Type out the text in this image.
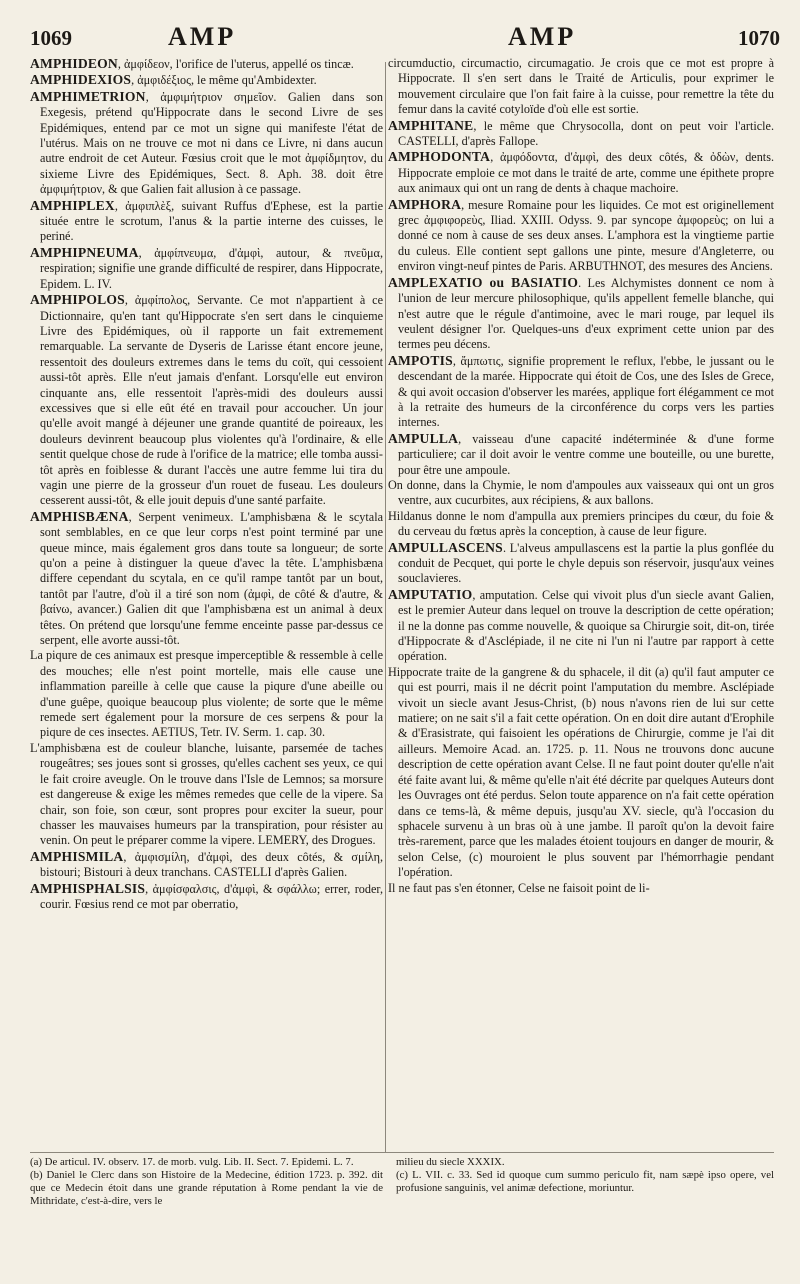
1069	AMP	AMP	1070
AMPHIDEON, ἀμφίδεον, l'orifice de l'uterus, appellé os tincæ.
AMPHIDEXIOS, ἀμφιδέξιος, le même qu'Ambidexter.
AMPHIMETRION, ἀμφιμήτριον σημεῖον. Galien dans son Exegesis, prétend qu'Hippocrate dans le second Livre de ses Epidémiques, entend par ce mot un signe qui manifeste l'état de l'utérus. Mais on ne trouve ce mot ni dans ce Livre, ni dans aucun autre endroit de cet Auteur. Fœsius croit que le mot ἀμφίδμητον, du sixieme Livre des Epidémiques, Sect. 8. Aph. 38. doit être ἀμφιμήτριον, & que Galien fait allusion à ce passage.
AMPHIPLEX, ἀμφιπλὲξ, suivant Ruffus d'Ephese, est la partie située entre le scrotum, l'anus & la partie interne des cuisses, le periné.
AMPHIPNEUMA, ἀμφίπνευμα, d'ἀμφὶ, autour, & πνεῦμα, respiration; signifie une grande difficulté de respirer, dans Hippocrate, Epidem. L. IV.
AMPHIPOLOS, ἀμφίπολος, Servante. Ce mot n'appartient à ce Dictionnaire, qu'en tant qu'Hippocrate s'en sert dans le cinquieme Livre des Epidémiques, où il rapporte un fait extremement remarquable. La servante de Dyseris de Larisse étant encore jeune, ressentoit des douleurs extremes dans le tems du coït, qui cessoient aussi-tôt après. Elle n'eut jamais d'enfant. Lorsqu'elle eut environ cinquante ans, elle ressentoit l'après-midi des douleurs aussi excessives que si elle eût été en travail pour accoucher. Un jour qu'elle avoit mangé à déjeuner une grande quantité de poireaux, les douleurs devinrent beaucoup plus violentes qu'à l'ordinaire, & elle sentit quelque chose de rude à l'orifice de la matrice; elle tomba aussi-tôt après en foiblesse & durant l'accès une autre femme lui tira du vagin une pierre de la grosseur d'un rouet de fuseau. Les douleurs cesserent aussi-tôt, & elle jouit depuis d'une santé parfaite.
AMPHISBÆNA, Serpent venimeux. L'amphisbæna & le scytala sont semblables, en ce que leur corps n'est point terminé par une queue mince, mais également gros dans toute sa longueur; de sorte qu'on a peine à distinguer la queue d'avec la tête. L'amphisbæna differe cependant du scytala, en ce qu'il rampe tantôt par un bout, tantôt par l'autre, d'où il a tiré son nom (ἀμφὶ, de côté & d'autre, & βαίνω, avancer.) Galien dit que l'amphisbæna est un animal à deux têtes. On prétend que lorsqu'une femme enceinte passe par-dessus ce serpent, elle avorte aussi-tôt.
La piqure de ces animaux est presque imperceptible & ressemble à celle des mouches; elle n'est point mortelle, mais elle cause une inflammation pareille à celle que cause la piqure d'une abeille ou d'une guêpe, quoique beaucoup plus violente; de sorte que le même remede sert également pour la morsure de ces serpens & pour la piqure de ces insectes. AETIUS, Tetr. IV. Serm. 1. cap. 30.
L'amphisbæna est de couleur blanche, luisante, parsemée de taches rougeâtres; ses joues sont si grosses, qu'elles cachent ses yeux, ce qui le fait croire aveugle. On le trouve dans l'Isle de Lemnos; sa morsure est dangereuse & exige les mêmes remedes que celle de la vipere. Sa chair, son foie, son cœur, sont propres pour exciter la sueur, pour chasser les mauvaises humeurs par la transpiration, pour résister au venin. On peut le préparer comme la vipere. LEMERY, des Drogues.
AMPHISMILA, ἀμφισμίλη, d'ἀμφὶ, des deux côtés, & σμίλη, bistouri; Bistouri à deux tranchans. CASTELLI d'après Galien.
AMPHISPHALSIS, ἀμφίσφαλσις, d'ἀμφὶ, & σφάλλω; errer, roder, courir. Fœsius rend ce mot par oberratio,
circumductio, circumactio, circumagatio. Je crois que ce mot est propre à Hippocrate. Il s'en sert dans le Traité de Articulis, pour exprimer le mouvement circulaire que l'on fait faire à la cuisse, pour remettre la tête du femur dans la cavité cotyloïde d'où elle est sortie.
AMPHITANE, le même que Chrysocolla, dont on peut voir l'article. CASTELLI, d'après Fallope.
AMPHODONTA, ἀμφόδοντα, d'ἀμφὶ, des deux côtés, & ὀδὼν, dents. Hippocrate emploie ce mot dans le traité de arte, comme une épithete propre aux animaux qui ont un rang de dents à chaque machoire.
AMPHORA, mesure Romaine pour les liquides. Ce mot est originellement grec ἀμφιφορεὺς, Iliad. XXIII. Odyss. 9. par syncope ἀμφορεὺς; on lui a donné ce nom à cause de ses deux anses. L'amphora est la vingtieme partie du culeus. Elle contient sept gallons une pinte, mesure d'Angleterre, ou environ vingt-neuf pintes de Paris. ARBUTHNOT, des mesures des Anciens.
AMPLEXATIO ou BASIATIO. Les Alchymistes donnent ce nom à l'union de leur mercure philosophique, qu'ils appellent femelle blanche, qui n'est autre que le régule d'antimoine, avec le mari rouge, par lequel ils veulent désigner l'or. Quelques-uns d'eux expriment cette union par des termes peu décens.
AMPOTIS, ἄμπωτις, signifie proprement le reflux, l'ebbe, le jussant ou le descendant de la marée. Hippocrate qui étoit de Cos, une des Isles de Grece, & qui avoit occasion d'observer les marées, applique fort élégamment ce mot à la retraite des humeurs de la circonférence du corps vers les parties internes.
AMPULLA, vaisseau d'une capacité indéterminée & d'une forme particuliere; car il doit avoir le ventre comme une bouteille, ou une burette, pour être une ampoule.
On donne, dans la Chymie, le nom d'ampoules aux vaisseaux qui ont un gros ventre, aux cucurbites, aux récipiens, & aux ballons.
Hildanus donne le nom d'ampulla aux premiers principes du cœur, du foie & du cerveau du fœtus après la conception, à cause de leur figure.
AMPULLASCENS. L'alveus ampullascens est la partie la plus gonflée du conduit de Pecquet, qui porte le chyle depuis son réservoir, jusqu'aux veines souclavieres.
AMPUTATIO, amputation. Celse qui vivoit plus d'un siecle avant Galien, est le premier Auteur dans lequel on trouve la description de cette opération; il ne la donne pas comme nouvelle, & quoique sa Chirurgie soit, dit-on, tirée d'Hippocrate & d'Asclépiade, il ne cite ni l'un ni l'autre par rapport à cette opération.
Hippocrate traite de la gangrene & du sphacele, il dit (a) qu'il faut amputer ce qui est pourri, mais il ne décrit point l'amputation du membre. Asclépiade vivoit un siecle avant Jesus-Christ, (b) nous n'avons rien de lui sur cette matiere; on ne sait s'il a fait cette opération. On en doit dire autant d'Erophile & d'Erasistrate, qui faisoient les opérations de Chirurgie, comme je l'ai dit ailleurs. Memoire Acad. an. 1725. p. 11. Nous ne trouvons donc aucune description de cette opération avant Celse. Il ne faut point douter qu'elle n'ait été faite avant lui, & même qu'elle n'ait été décrite par quelques Auteurs dont les Ouvrages ont été perdus. Selon toute apparence on n'a fait cette opération dans ce tems-là, & même depuis, jusqu'au XV. siecle, qu'à l'occasion du sphacele survenu à un bras où à une jambe. Il paroît qu'on la devoit faire très-rarement, parce que les malades étoient toujours en danger de mourir, & selon Celse, (c) mouroient le plus souvent par l'hémorrhagie pendant l'opération.
Il ne faut pas s'en étonner, Celse ne faisoit point de li-

(a) De articul. IV. observ. 17. de morb. vulg. Lib. II. Sect. 7. Epidemi. L. 7.

(b) Daniel le Clerc dans son Histoire de la Medecine, édition 1723. p. 392. dit que ce Medecin étoit dans une grande réputation à Rome pendant la vie de Mithridate, c'est-à-dire, vers le

milieu du siecle XXXIX.

(c) L. VII. c. 33. Sed id quoque cum summo periculo fit, nam sæpè ipso opere, vel profusione sanguinis, vel animæ defectione, moriuntur.
